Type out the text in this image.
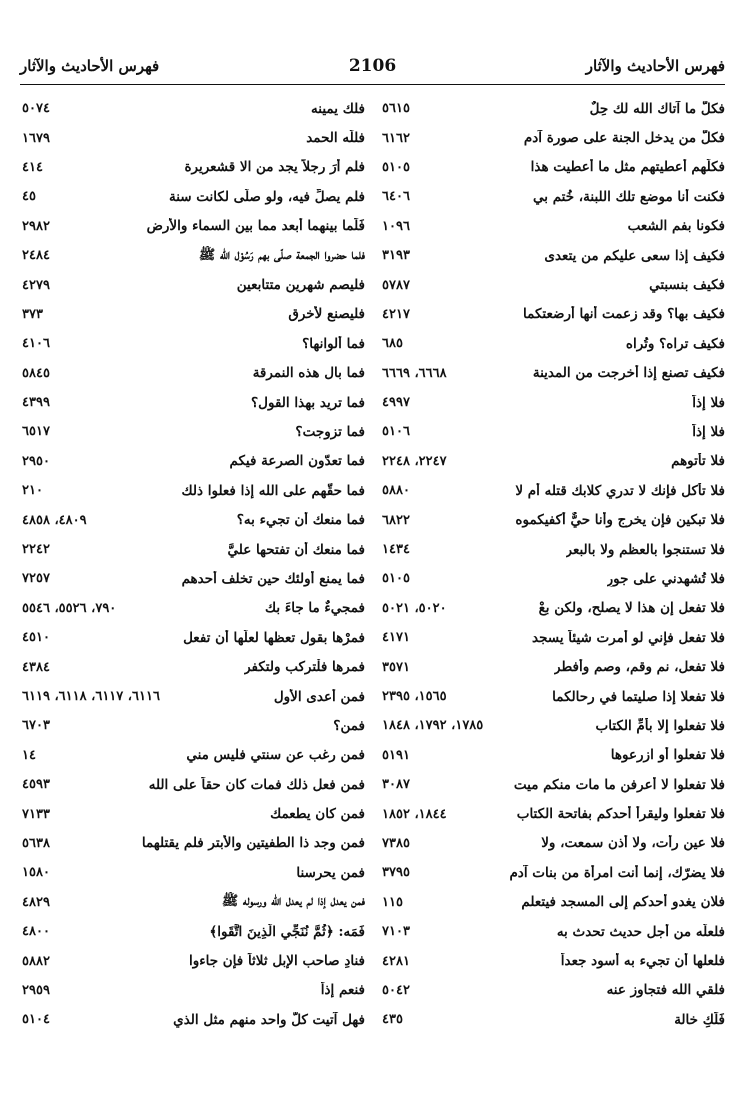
فهرس الأحاديث والآثار
2106
فهرس الأحاديث والآثار
فكلّ ما آتاك الله لك حِلٌ
٥٦١٥
فكلّ من يدخل الجنة على صورة آدم
٦١٦٢
فكلّهم أعطيتهم مثل ما أعطيت هذا
٥١٠٥
فكنت أنا موضع تلك اللبنة، خُتم بي
٦٤٠٦
فكونا بفم الشعب
١٠٩٦
فكيف إذا سعى عليكم من يتعدى
٣١٩٣
فكيف بنسبتي
٥٧٨٧
فكيف بها؟ وقد زعمت أنها أرضعتكما
٤٢١٧
فكيف تراه؟ وتُراه
٦٨٥
فكيف تصنع إذا أخرجت من المدينة
٦٦٦٨، ٦٦٦٩
فلا إذاً
٤٩٩٧
فلا إذاً
٥١٠٦
فلا تأتوهم
٢٢٤٧، ٢٢٤٨
فلا تأكل فإنك لا تدري كلابك قتله أم لا
٥٨٨٠
فلا تبكين فإن يخرج وأنا حيٌّ أكفيكموه
٦٨٢٢
فلا تستنجوا بالعظم ولا بالبعر
١٤٣٤
فلا تُشهدني على جورٍ
٥١٠٥
فلا تفعل إن هذا لا يصلح، ولكن بعْ
٥٠٢٠، ٥٠٢١
فلا تفعل فإني لو أمرت شيئاً يسجد
٤١٧١
فلا تفعل، نم وقم، وصم وأفطر
٣٥٧١
فلا تفعلا إذا صليتما في رحالكما
١٥٦٥، ٢٣٩٥
فلا تفعلوا إلا بأمِّ الكتاب
١٧٨٥، ١٧٩٢، ١٨٤٨
فلا تفعلوا أو ازرعوها
٥١٩١
فلا تفعلوا لا أعرفن ما مات منكم ميت
٣٠٨٧
فلا تفعلوا وليقرأ أحدكم بفاتحة الكتاب
١٨٤٤، ١٨٥٢
فلا عين رأت، ولا أذن سمعت، ولا
٧٣٨٥
فلا يضرّك، إنما أنت امرأة من بنات آدم
٣٧٩٥
فلان يغدو أحدكم إلى المسجد فيتعلم
١١٥
فلعلّه من أجل حديث تحدث به
٧١٠٣
فلعلها أن تجيء به أسود جعداً
٤٢٨١
فلقي الله فتجاوز عنه
٥٠٤٢
فَلَكِ خالة
٤٣٥
فلك يمينه
٥٠٧٤
فللّه الحمد
١٦٧٩
فلم أرَ رجلاً يجد من الا قشعريرة
٤١٤
فلم يصلِّ فيه، ولو صلّى لكانت سنة
٤٥
فَلَما بينهما أبعد مما بين السماء والأرض
٢٩٨٢
فلما حضروا الجمعة صلّى بهم رَسُوْل الله ﷺ
٢٤٨٤
فليصم شهرين متتابعين
٤٢٧٩
فليصنع لأخرق
٣٧٣
فما ألوانها؟
٤١٠٦
فما بال هذه النمرقة
٥٨٤٥
فما تريد بهذا القول؟
٤٣٩٩
فما تزوجت؟
٦٥١٧
فما تعدّون الصرعة فيكم
٢٩٥٠
فما حقّهم على الله إذا فعلوا ذلك
٢١٠
فما منعك أن تجيء به؟
٤٨٠٩، ٤٨٥٨
فما منعك أن تفتحها عليَّ
٢٢٤٢
فما يمنع أولئك حين تخلف أحدهم
٧٢٥٧
فمجيءٌ ما جاءَ بك
٧٩٠، ٥٥٢٦، ٥٥٤٦
فمرْها بقول تعظها لعلّها أن تفعل
٤٥١٠
فمرها فلْتركب ولتكفر
٤٣٨٤
فمن أعدى الأول
٦١١٦، ٦١١٧، ٦١١٨، ٦١١٩
فمن؟
٦٧٠٣
فمن رغب عن سنتي فليس مني
١٤
فمن فعل ذلك فمات كان حقاً على الله
٤٥٩٣
فمن كان يطعمك
٧١٣٣
فمن وجد ذا الطفيتين والأبتر فلم يقتلهما
٥٦٣٨
فمن يحرسنا
١٥٨٠
فمن يعدل إذا لم يعدل الله ورسوله ﷺ
٤٨٢٩
فَمَه: ﴿ثُمَّ نُنَجِّي الَّذِينَ اتَّقَوا﴾
٤٨٠٠
فنادِ صاحب الإبل ثلاثاً فإن جاءوا
٥٨٨٢
فنعم إذاً
٢٩٥٩
فهل آتيت كلّ واحد منهم مثل الذي
٥١٠٤
